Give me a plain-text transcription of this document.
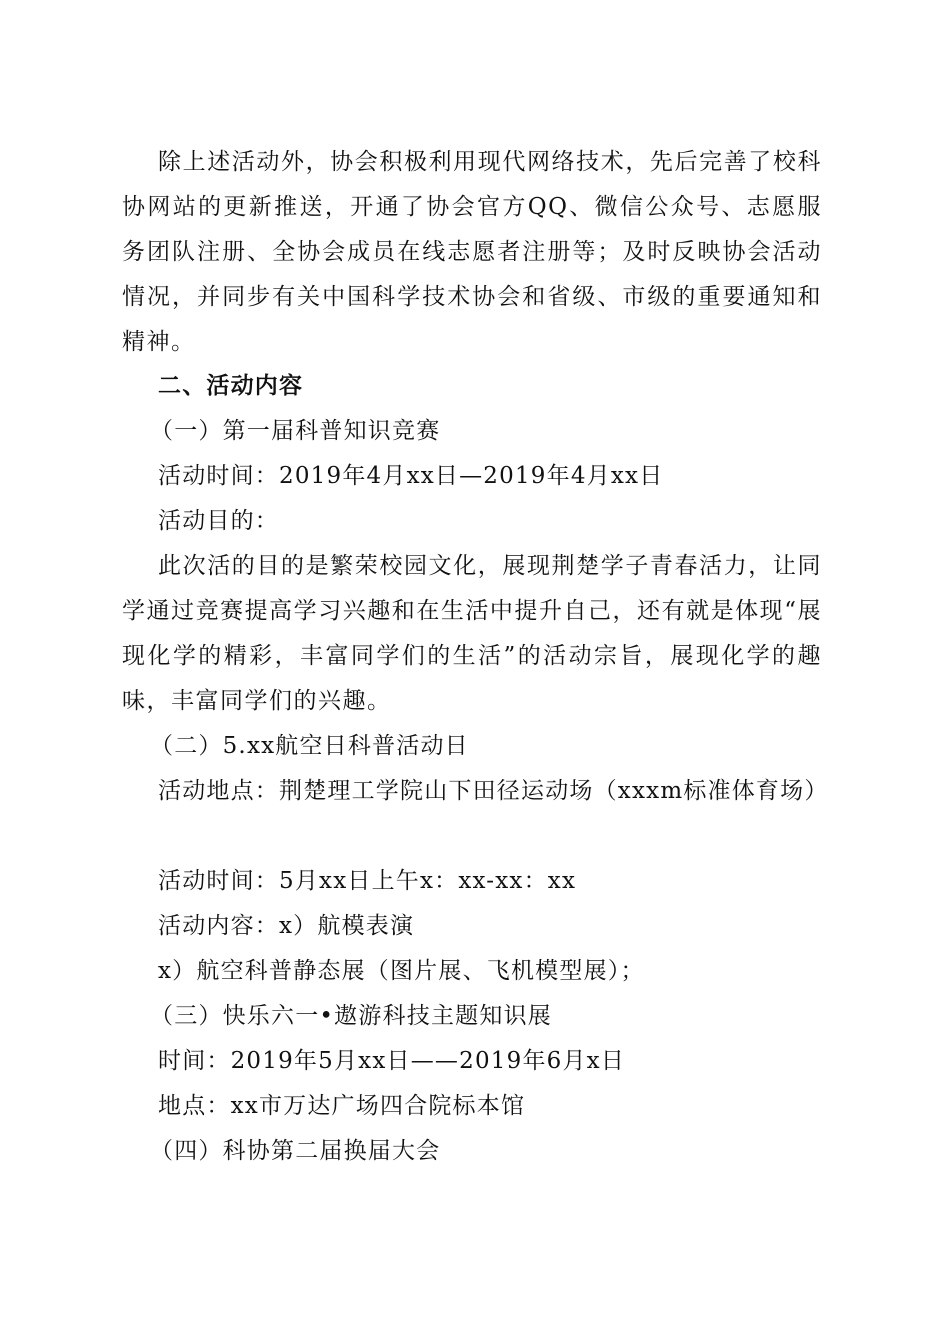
除上述活动外，协会积极利用现代网络技术，先后完善了校科协网站的更新推送，开通了协会官方QQ、微信公众号、志愿服务团队注册、全协会成员在线志愿者注册等；及时反映协会活动情况，并同步有关中国科学技术协会和省级、市级的重要通知和精神。

二、活动内容

（一）第一届科普知识竞赛

活动时间：2019年4月xx日—2019年4月xx日

活动目的：

此次活的目的是繁荣校园文化，展现荆楚学子青春活力，让同学通过竞赛提高学习兴趣和在生活中提升自己，还有就是体现“展现化学的精彩，丰富同学们的生活”的活动宗旨，展现化学的趣味，丰富同学们的兴趣。

（二）5.xx航空日科普活动日

活动地点：荆楚理工学院山下田径运动场（xxxm标准体育场）

活动时间：5月xx日上午x：xx-xx：xx

活动内容：x）航模表演

x）航空科普静态展（图片展、飞机模型展）；

（三）快乐六一•遨游科技主题知识展

时间：2019年5月xx日——2019年6月x日

地点：xx市万达广场四合院标本馆

（四）科协第二届换届大会
